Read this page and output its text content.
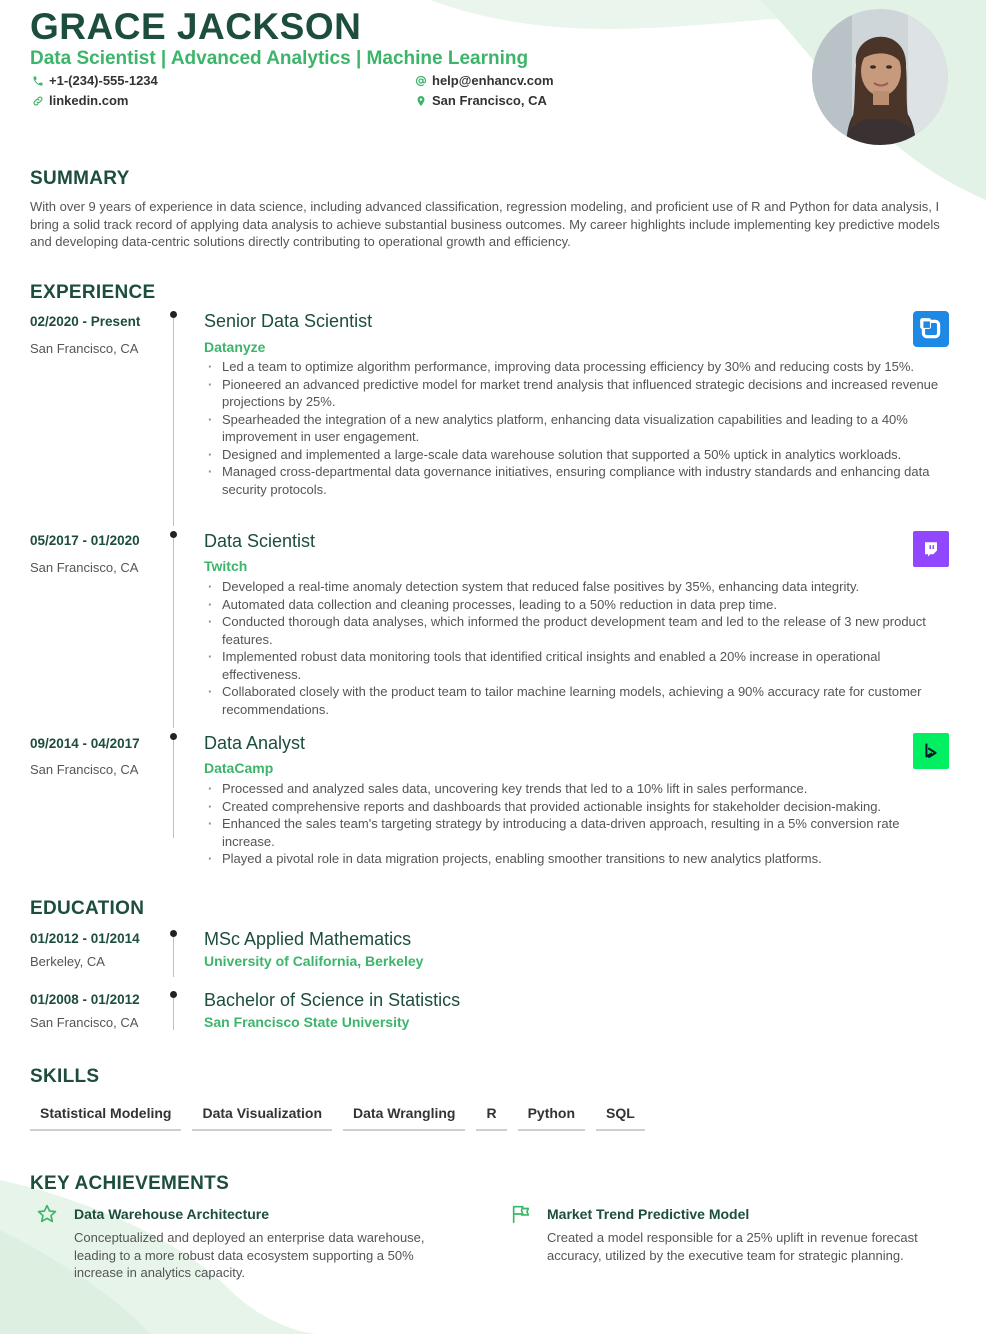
GRACE JACKSON
Data Scientist | Advanced Analytics | Machine Learning
+1-(234)-555-1234	help@enhancv.com
linkedin.com	San Francisco, CA
SUMMARY
With over 9 years of experience in data science, including advanced classification, regression modeling, and proficient use of R and Python for data analysis, I bring a solid track record of applying data analysis to achieve substantial business outcomes. My career highlights include implementing key predictive models and developing data-centric solutions directly contributing to operational growth and efficiency.
EXPERIENCE
02/2020 - Present
San Francisco, CA
Senior Data Scientist
Datanyze
· Led a team to optimize algorithm performance, improving data processing efficiency by 30% and reducing costs by 15%.
· Pioneered an advanced predictive model for market trend analysis that influenced strategic decisions and increased revenue projections by 25%.
· Spearheaded the integration of a new analytics platform, enhancing data visualization capabilities and leading to a 40% improvement in user engagement.
· Designed and implemented a large-scale data warehouse solution that supported a 50% uptick in analytics workloads.
· Managed cross-departmental data governance initiatives, ensuring compliance with industry standards and enhancing data security protocols.
05/2017 - 01/2020
San Francisco, CA
Data Scientist
Twitch
· Developed a real-time anomaly detection system that reduced false positives by 35%, enhancing data integrity.
· Automated data collection and cleaning processes, leading to a 50% reduction in data prep time.
· Conducted thorough data analyses, which informed the product development team and led to the release of 3 new product features.
· Implemented robust data monitoring tools that identified critical insights and enabled a 20% increase in operational effectiveness.
· Collaborated closely with the product team to tailor machine learning models, achieving a 90% accuracy rate for customer recommendations.
09/2014 - 04/2017
San Francisco, CA
Data Analyst
DataCamp
· Processed and analyzed sales data, uncovering key trends that led to a 10% lift in sales performance.
· Created comprehensive reports and dashboards that provided actionable insights for stakeholder decision-making.
· Enhanced the sales team's targeting strategy by introducing a data-driven approach, resulting in a 5% conversion rate increase.
· Played a pivotal role in data migration projects, enabling smoother transitions to new analytics platforms.
EDUCATION
01/2012 - 01/2014
Berkeley, CA
MSc Applied Mathematics
University of California, Berkeley
01/2008 - 01/2012
San Francisco, CA
Bachelor of Science in Statistics
San Francisco State University
SKILLS
Statistical Modeling	Data Visualization	Data Wrangling	R	Python	SQL
KEY ACHIEVEMENTS
Data Warehouse Architecture
Conceptualized and deployed an enterprise data warehouse, leading to a more robust data ecosystem supporting a 50% increase in analytics capacity.
Market Trend Predictive Model
Created a model responsible for a 25% uplift in revenue forecast accuracy, utilized by the executive team for strategic planning.
